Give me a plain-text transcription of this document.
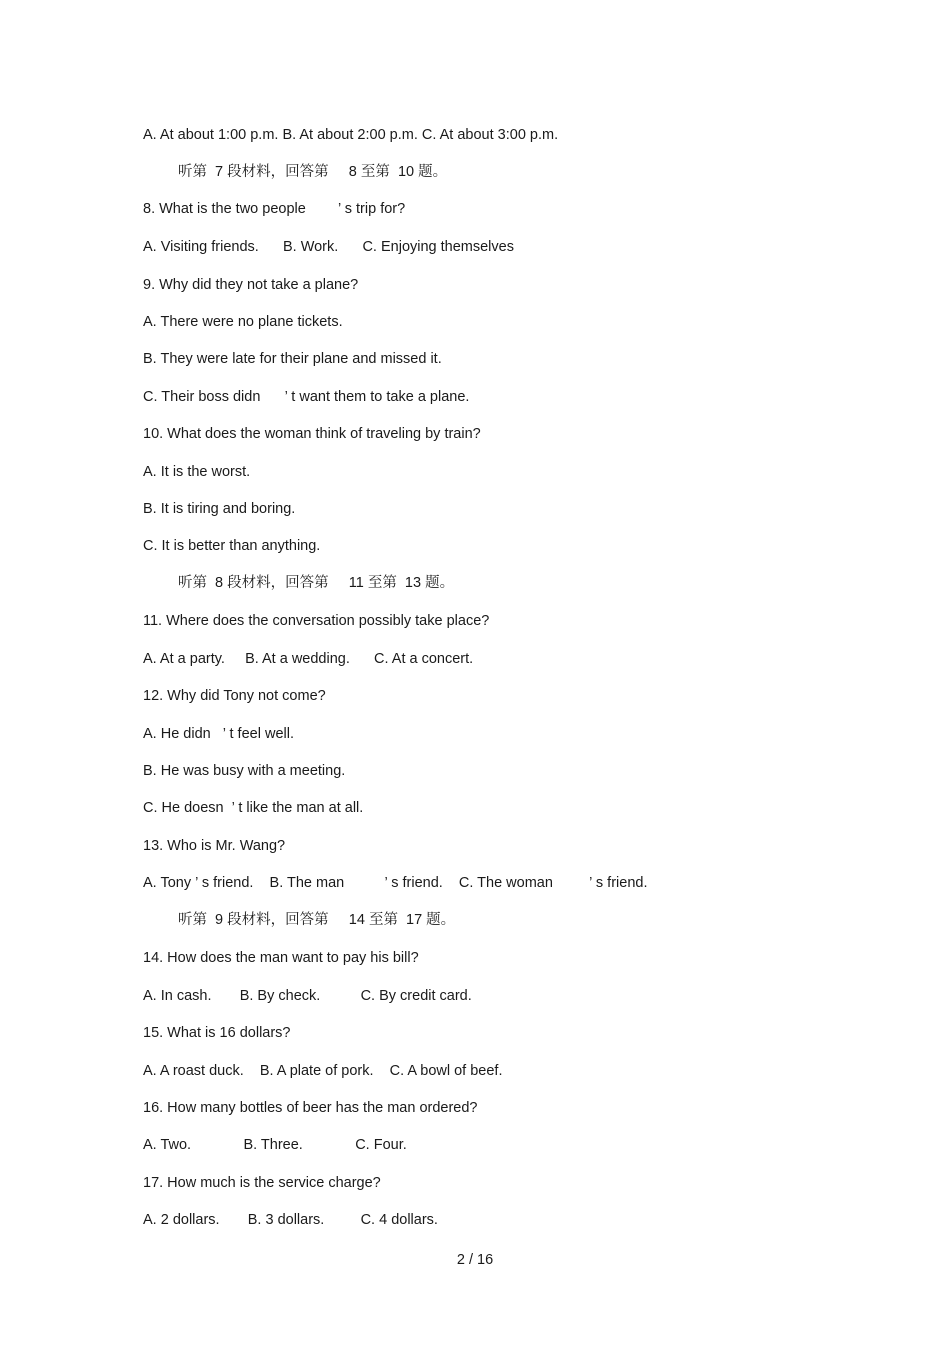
A. At about 1:00 p.m. B. At about 2:00 p.m. C. At about 3:00 p.m.
听第  7 段材料，回答第     8 至第  10 题。
8. What is the two people        ’ s trip for?
A. Visiting friends.      B. Work.      C. Enjoying themselves
9. Why did they not take a plane?
A. There were no plane tickets.
B. They were late for their plane and missed it.
C. Their boss didn      ’ t want them to take a plane.
10. What does the woman think of traveling by train?
A. It is the worst.
B. It is tiring and boring.
C. It is better than anything.
听第  8 段材料，回答第     11 至第  13 题。
11. Where does the conversation possibly take place?
A. At a party.     B. At a wedding.      C. At a concert.
12. Why did Tony not come?
A. He didn   ’ t feel well.
B. He was busy with a meeting.
C. He doesn  ’ t like the man at all.
13. Who is Mr. Wang?
A. Tony ’ s friend.    B. The man          ’ s friend.    C. The woman         ’ s friend.
听第  9 段材料，回答第     14 至第  17 题。
14. How does the man want to pay his bill?
A. In cash.       B. By check.          C. By credit card.
15. What is 16 dollars?
A. A roast duck.    B. A plate of pork.    C. A bowl of beef.
16. How many bottles of beer has the man ordered?
A. Two.             B. Three.             C. Four.
17. How much is the service charge?
A. 2 dollars.       B. 3 dollars.         C. 4 dollars.
2 / 16
